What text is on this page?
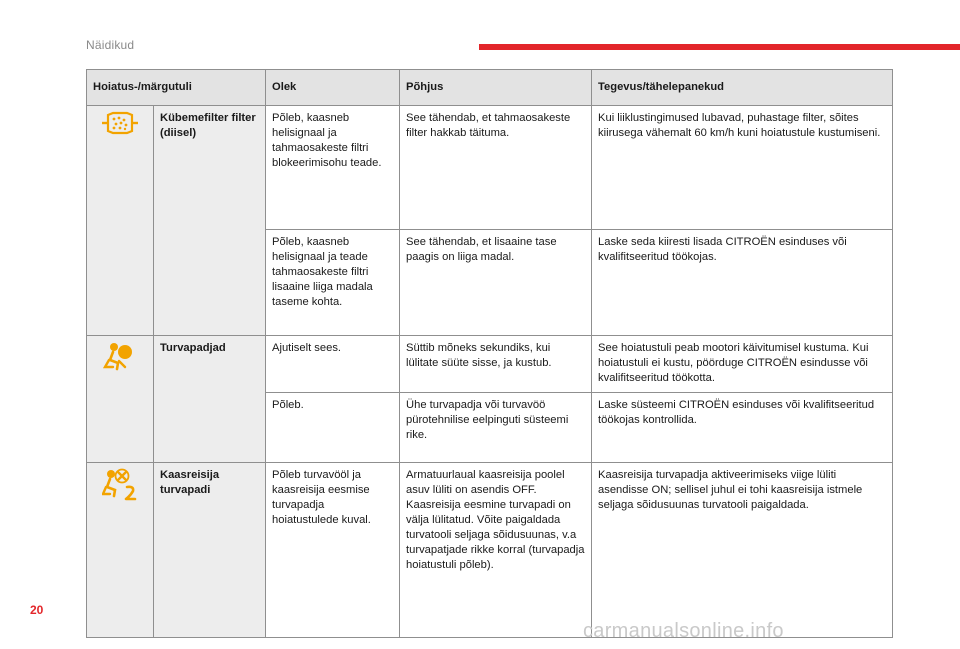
Näidikud
Hoiatus-/märgutuli		Olek	Põhjus	Tegevus/tähelepanekud

	Kübemefilter filter (diisel)	Põleb, kaasneb helisignaal ja tahmaosakeste filtri blokeerimisohu teade.	See tähendab, et tahmaosakeste filter hakkab täituma.	Kui liiklustingimused lubavad, puhastage filter, sõites kiirusega vähemalt 60 km/h kuni hoiatustule kustumiseni.
		Põleb, kaasneb helisignaal ja teade tahmaosakeste filtri lisaaine liiga madala taseme kohta.	See tähendab, et lisaaine tase paagis on liiga madal.	Laske seda kiiresti lisada CITROËN esinduses või kvalifitseeritud töökojas.

	Turvapadjad	Ajutiselt sees.	Süttib mõneks sekundiks, kui lülitate süüte sisse, ja kustub.	See hoiatustuli peab mootori käivitumisel kustuma. Kui hoiatustuli ei kustu, pöörduge CITROËN esindusse või kvalifitseeritud töökotta.
		Põleb.	Ühe turvapadja või turvavöö pürotehnilise eelpinguti süsteemi rike.	Laske süsteemi CITROËN esinduses või kvalifitseeritud töökojas kontrollida.

	Kaasreisija turvapadi	Põleb turvavööl ja kaasreisija eesmise turvapadja hoiatustulede kuval.	Armatuurlaual kaasreisija poolel asuv lüliti on asendis OFF. Kaasreisija eesmine turvapadi on välja lülitatud. Võite paigaldada turvatooli seljaga sõidusuunas, v.a turvapatjade rikke korral (turvapadja hoiatustuli põleb).	Kaasreisija turvapadja aktiveerimiseks viige lüliti asendisse ON; sellisel juhul ei tohi kaasreisija istmele seljaga sõidusuunas turvatooli paigaldada.
20
carmanualsonline.info
